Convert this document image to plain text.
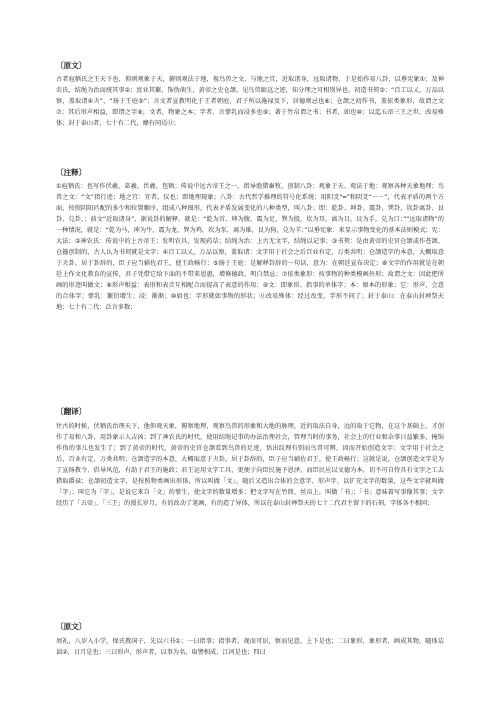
〔原文〕

古者庖牺氏之王天下也，仰则观象于天，俯则观法于地，视鸟兽之文，与地之宜，近取诸身，远取诸物，于是始作易八卦，以垂宪象①；及神农氏，结绳为治而统其事②；庶业其繁，饰伪萌生，黄帝之史仓颉，见鸟兽蹄迒之迹，知分理之可相别异也，初造书契③；“百工以乂，万品以察，盖取诸④夬”，“扬于王庭⑤”；言文者宣教明化于王者朝庭，君子所以施禄及下，居德则忌也⑥；仓颉之初作书，盖依类象形，故谓之文⑦；其后形声相益，即谓之字⑧，文者，物象之本；字者，言孳乳而浸多也⑨；著于竹帛谓之书；书者，如也⑩；以迄五帝三王之世，改易殊体；封于泰山者，七十有二代，靡有同焉⑪；

〔注释〕

①庖牺氏：也写作伏羲、宓羲、伏羲、包牺；传说中远古帝王之一，指导渔猎畜牧，创制八卦；观象于天、观法于地：观察各种天象地理；鸟兽之文：“文”指行迹；地之宜：宜者，仪也；即地理现象；八卦：古代哲学推理的符号化系统；用阳爻“━”和阴爻“－－”，代表矛盾的两个方面，按照阴阳匹配的多少和位置顺序，组成八种图形，代表矛盾发展变化的八种类型，叫八卦；即：乾卦、坤卦、震卦、巽卦、坎卦离卦、艮卦、兑卦，；前文“近取诸身”，据说卦的解释，就是：“乾为首，坤为腹，震为足，巽为股，坎为耳，离为目，艮为手，兑为口；”“远取诸物”的一种情况，就是：“乾为马，坤为牛，震为龙，巽为鸡，坎为豕，离为雉，艮为狗，兑为羊；”以垂宪象：来显示事物变化的基本法则模式；宪：大法；②神农氏：传说中的上古帝王；发明农具，发现药草；结绳为治：上古无文字，结绳以记事；③书契：是由黄帝的史官仓颉或作苍颉、仓籀创制的，古人认为书契就是文字；④百工以乂，万品以察，盖取诸：文字用于社会之后百业有定，万类共明；仓颉造字的本意，大概取意于夬卦，居于卦辞的，臣子应当辅佐君王，使王政畅行；⑤扬于王庭：是解释卦辞的一句话，意为：在朝廷宣布决定；⑥文字的作用就是在朝廷上作文化教育的宣传，君子凭借它给下面的不带来恩惠，增修德政，明白禁忌；⑦依类象形：按事物的种类模画外形；故谓之文：因此把所画的形迹叫做文；⑧形声相益：表形和表音互相配合而提高了表意的作用；⑨文：即象形、指事的单体字；本：原本的形象；它：形声、会意的合体字；孳乳：繁衍增生；浸：渐渐；⑩如也：字形就如事物的形状；⑪改易殊体：经过改变，字形不同了；封于泰山：在泰山封禅祭天地；七十有二代：泛言多数；

〔翻译〕

往古的时候，伏牺氏治理天下，他仰观天象，俯察地理，观察鸟兽的形象和大地的脉理，近的取法自身，远的取于它物，在这个基础上，才创作了易和八卦，用卦象示人吉凶；到了神农氏的时代，使用结绳记事的办法治理社会，管理当时的事务，社会上的行业和杂事日益繁多，掩饰作伪的事儿也发生了；到了黄帝的时代，黄帝的史官仓颉看到鸟兽的足迹，悟出纹理有别而鸟兽可辨，因而开始创造文字；文字用于社会之后，百业有定，万类共明；仓颉造字的本意，大概取意于夬卦，居于卦辞的，臣子应当辅佐君王，使王政畅行；这就是说，仓颉创造文字是为了宣扬教令、倡导风范，有助于君王的施政；君王运用文字工具，更便于向臣民施予恩泽，而臣民应以文德为本，切不可自恃具有文字之工去猎取爵禄；仓颉初造文字，是按照物类画出形体，所以叫做「文」，随后又造出合体的会意字、形声字，以扩充文字的数量，这些文字就叫做「字」；叫它为「字」，是说它来自「文」的孳生，使文字的数量增多；把文字写在竹简、丝帛上，叫做「书」；「书」意味着写事像其事；文字经历了「五帝」、「三王」的漫长岁月，有的改动了笔画，有的造了异体，所以在泰山封禅祭天的七十二代君主留下的石刻，字体各不相同；

〔原文〕

周礼，八岁入小学，保氏教国子，先以六书①；一曰指事；指事者，视而可识，察而见意，上下是也；二曰象形，象形者，画成其物，随体诘诎②，日月是也；三曰形声，形声者，以事为名，取譬相成，江河是也；四曰
